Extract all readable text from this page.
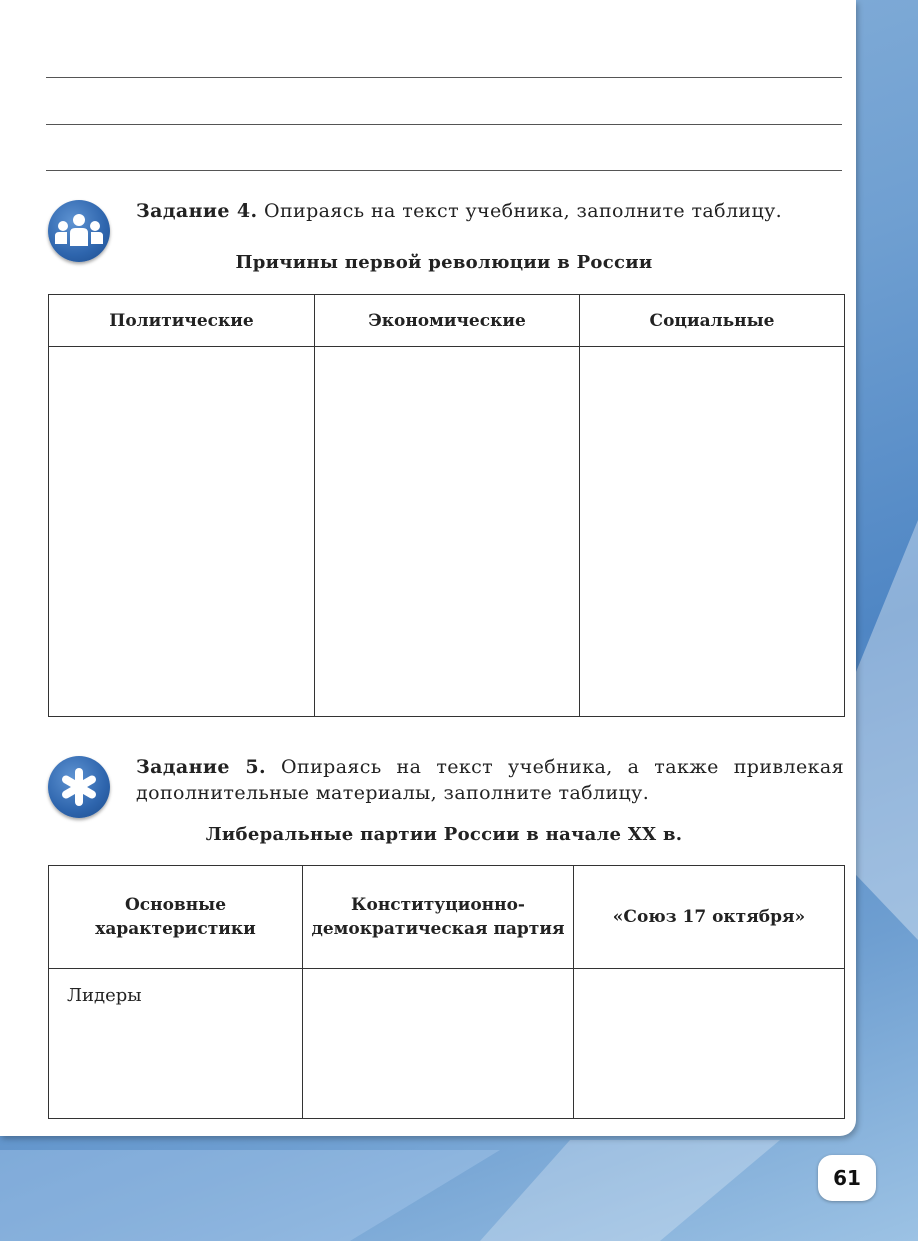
Задание 4. Опираясь на текст учебника, заполните таблицу.
Причины первой революции в России
Политические	Экономические	Социальные

Задание 5. Опираясь на текст учебника, а также привлекая дополнительные материалы, заполните таблицу.
Либеральные партии России в начале XX в.
Основные характеристики	Конституционно-демократическая партия	«Союз 17 октября»
Лидеры		
61
